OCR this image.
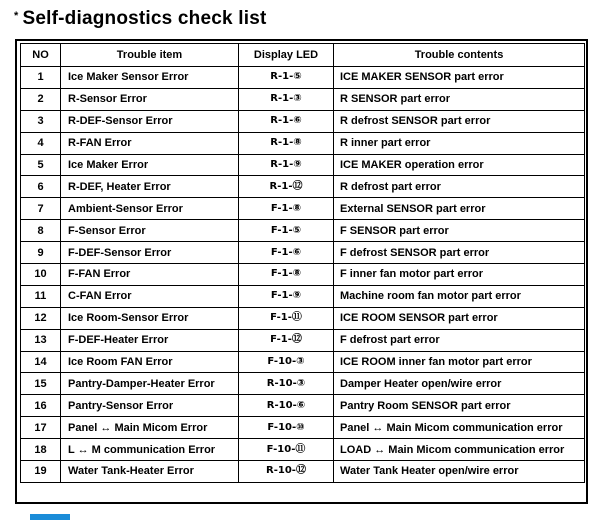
* Self-diagnostics check list
NO	Trouble item	Display LED	Trouble contents
1	Ice Maker Sensor Error	R-1-⑤	ICE MAKER SENSOR part error
2	R-Sensor Error	R-1-③	R SENSOR part error
3	R-DEF-Sensor Error	R-1-⑥	R defrost SENSOR part error
4	R-FAN Error	R-1-⑧	R inner part error
5	Ice Maker Error	R-1-⑨	ICE MAKER operation error
6	R-DEF, Heater Error	R-1-⑫	R defrost part error
7	Ambient-Sensor Error	F-1-⑧	External SENSOR part error
8	F-Sensor Error	F-1-⑤	F SENSOR part error
9	F-DEF-Sensor Error	F-1-⑥	F defrost SENSOR part error
10	F-FAN Error	F-1-⑧	F inner fan motor part error
11	C-FAN Error	F-1-⑨	Machine room fan motor part error
12	Ice Room-Sensor Error	F-1-⑪	ICE ROOM SENSOR part error
13	F-DEF-Heater Error	F-1-⑫	F defrost part error
14	Ice Room FAN Error	F-10-③	ICE ROOM inner fan motor part error
15	Pantry-Damper-Heater Error	R-10-③	Damper Heater open/wire error
16	Pantry-Sensor Error	R-10-⑥	Pantry Room SENSOR part error
17	Panel ↔ Main Micom Error	F-10-⑩	Panel ↔ Main Micom communication error
18	L ↔ M communication Error	F-10-⑪	LOAD ↔ Main Micom communication error
19	Water Tank-Heater Error	R-10-⑫	Water Tank Heater open/wire error
